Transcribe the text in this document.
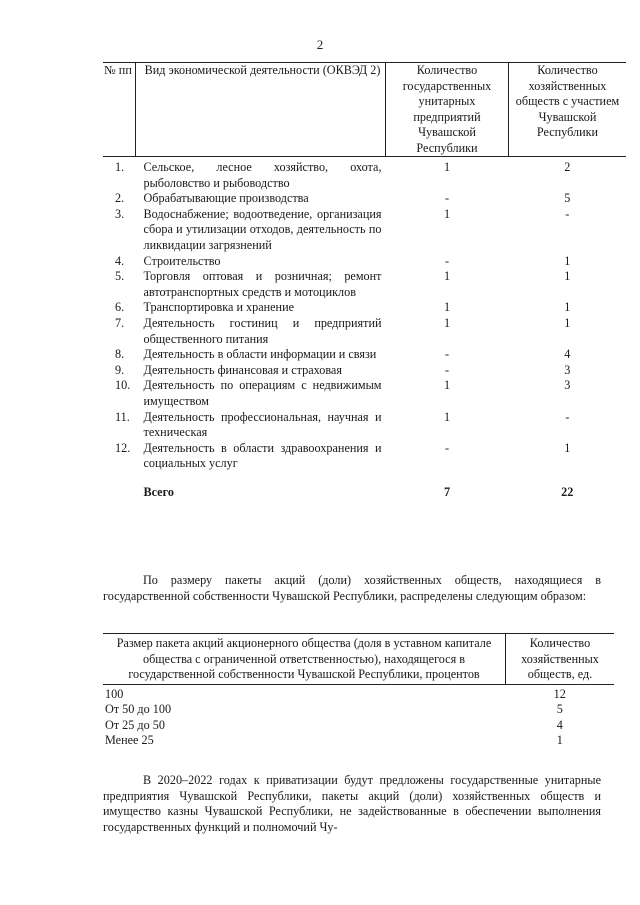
2
№ пп	Вид экономической деятельности (ОКВЭД 2)	Количество государственных унитарных предприятий Чувашской Республики	Количество хозяйственных обществ с участием Чувашской Республики
1.	Сельское, лесное хозяйство, охота, рыболовство и рыбоводство	1	2
2.	Обрабатывающие производства	-	5
3.	Водоснабжение; водоотведение, организация сбора и утилизации отходов, деятельность по ликвидации загрязнений	1	-
4.	Строительство	-	1
5.	Торговля оптовая и розничная; ремонт автотранспортных средств и мотоциклов	1	1
6.	Транспортировка и хранение	1	1
7.	Деятельность гостиниц и предприятий общественного питания	1	1
8.	Деятельность в области информации и связи	-	4
9.	Деятельность финансовая и страховая	-	3
10.	Деятельность по операциям с недвижимым имуществом	1	3
11.	Деятельность профессиональная, научная и техническая	1	-
12.	Деятельность в области здравоохранения и социальных услуг	-	1
	Всего	7	22

По размеру пакеты акций (доли) хозяйственных обществ, находящиеся в государственной собственности Чувашской Республики, распределены следующим образом:

Размер пакета акций акционерного общества (доля в уставном капитале общества с ограниченной ответственностью), находящегося в государственной собственности Чувашской Республики, процентов	Количество хозяйственных обществ, ед.
100	12
От 50 до 100	5
От 25 до 50	4
Менее 25	1

В 2020–2022 годах к приватизации будут предложены государственные унитарные предприятия Чувашской Республики, пакеты акций (доли) хозяйственных обществ и имущество казны Чувашской Республики, не задействованные в обеспечении выполнения государственных функций и полномочий Чу-
